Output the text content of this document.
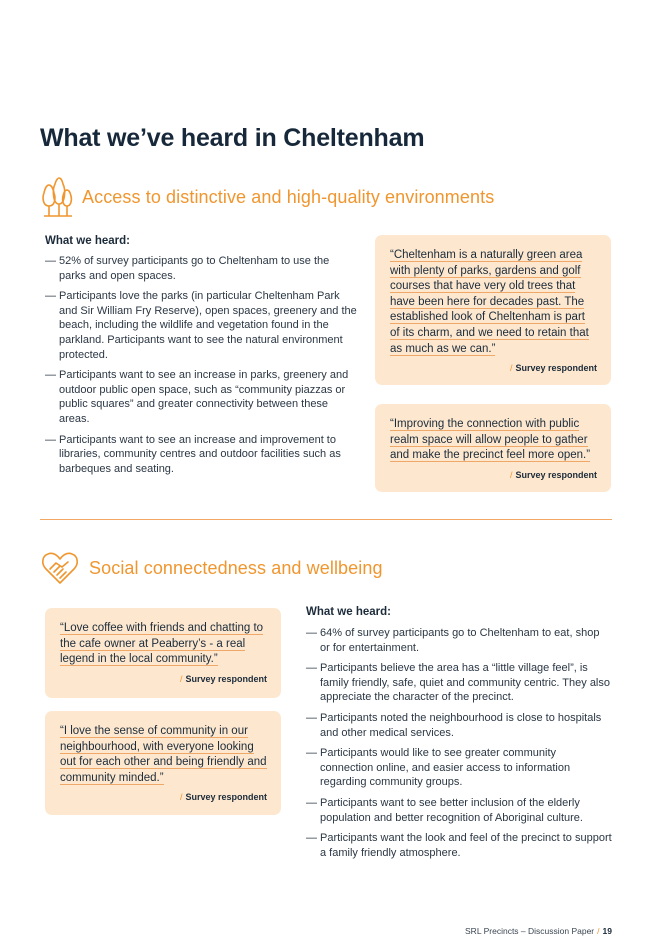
What we’ve heard in Cheltenham
Access to distinctive and high-quality environments
What we heard:
— 52% of survey participants go to Cheltenham to use the parks and open spaces.
— Participants love the parks (in particular Cheltenham Park and Sir William Fry Reserve), open spaces, greenery and the beach, including the wildlife and vegetation found in the parkland. Participants want to see the natural environment protected.
— Participants want to see an increase in parks, greenery and outdoor public open space, such as “community piazzas or public squares” and greater connectivity between these areas.
— Participants want to see an increase and improvement to libraries, community centres and outdoor facilities such as barbeques and seating.

“Cheltenham is a naturally green area with plenty of parks, gardens and golf courses that have very old trees that have been here for decades past. The established look of Cheltenham is part of its charm, and we need to retain that as much as we can.”

/ Survey respondent

“Improving the connection with public realm space will allow people to gather and make the precinct feel more open.”

/ Survey respondent
Social connectedness and wellbeing

“Love coffee with friends and chatting to the cafe owner at Peaberry’s - a real legend in the local community.”

/ Survey respondent

“I love the sense of community in our neighbourhood, with everyone looking out for each other and being friendly and community minded.”

/ Survey respondent
What we heard:
— 64% of survey participants go to Cheltenham to eat, shop or for entertainment.
— Participants believe the area has a “little village feel”, is family friendly, safe, quiet and community centric. They also appreciate the character of the precinct.
— Participants noted the neighbourhood is close to hospitals and other medical services.
— Participants would like to see greater community connection online, and easier access to information regarding community groups.
— Participants want to see better inclusion of the elderly population and better recognition of Aboriginal culture.
— Participants want the look and feel of the precinct to support a family friendly atmosphere.
SRL Precincts – Discussion Paper / 19
